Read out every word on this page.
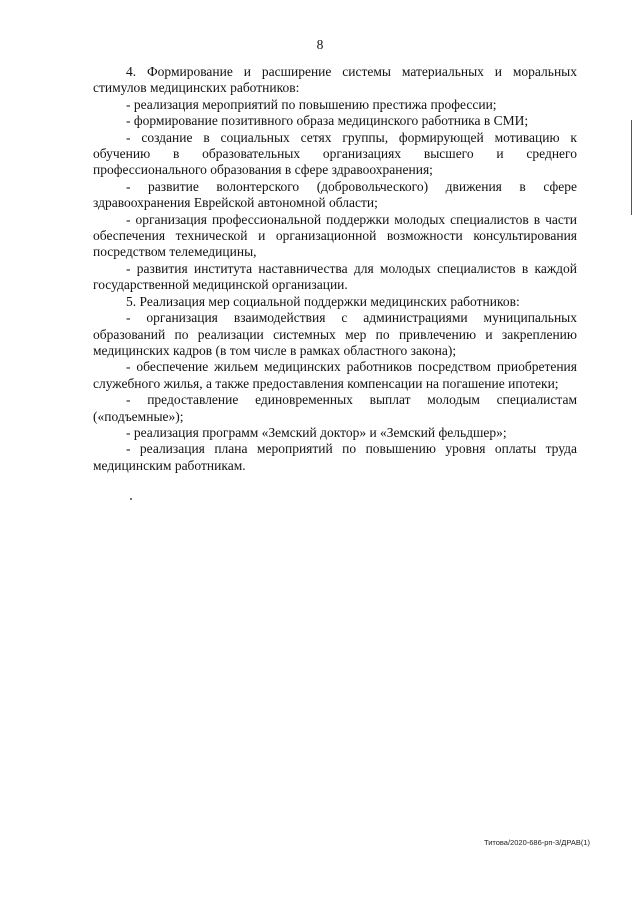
8

4. Формирование и расширение системы материальных и моральных стимулов медицинских работников:

- реализация мероприятий по повышению престижа профессии;

- формирование позитивного образа медицинского работника в СМИ;

- создание в социальных сетях группы, формирующей мотивацию к обучению в образовательных организациях высшего и среднего профессионального образования в сфере здравоохранения;

- развитие волонтерского (добровольческого) движения в сфере здравоохранения Еврейской автономной области;

- организация профессиональной поддержки молодых специалистов в части обеспечения технической и организационной возможности консультирования посредством телемедицины,

- развития института наставничества для молодых специалистов в каждой государственной медицинской организации.

5. Реализация мер социальной поддержки медицинских работников:

- организация взаимодействия с администрациями муниципальных образований по реализации системных мер по привлечению и закреплению медицинских кадров (в том числе в рамках областного закона);

- обеспечение жильем медицинских работников посредством приобретения служебного жилья, а также предоставления компенсации на погашение ипотеки;

- предоставление единовременных выплат молодым специалистам («подъемные»);

- реализация программ «Земский доктор» и «Земский фельдшер»;

- реализация плана мероприятий по повышению уровня оплаты труда медицинским работникам.

Титова/2020-686-рп-3/ДРАВ(1)
